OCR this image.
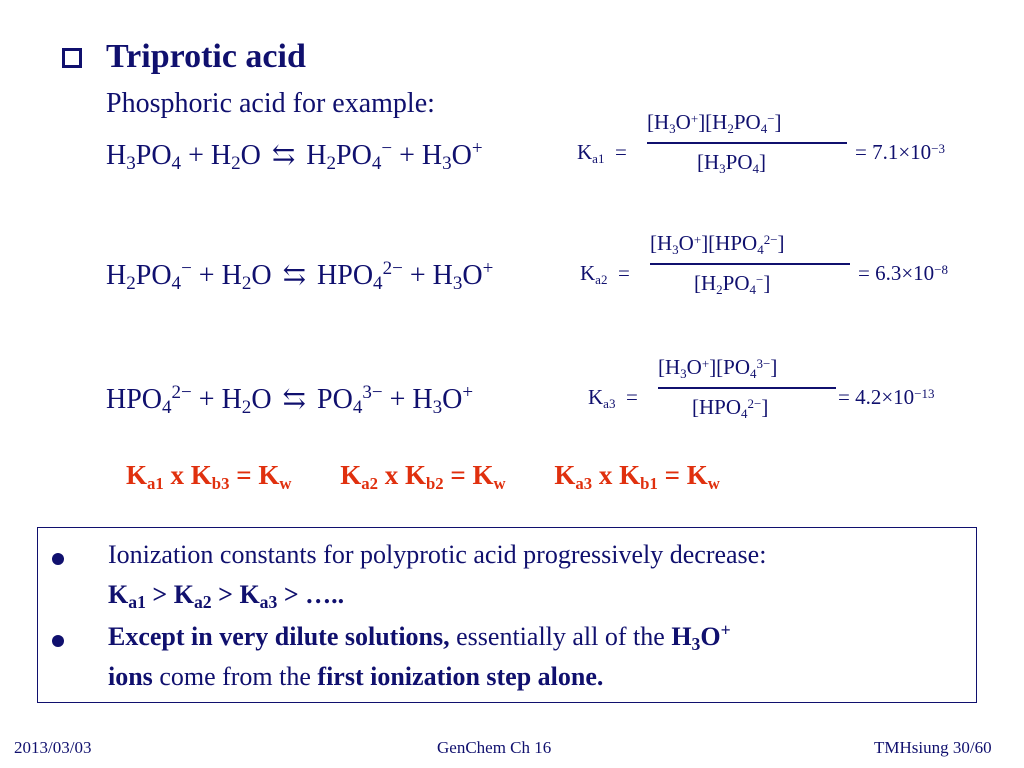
Triprotic acid
Phosphoric acid for example:
$H_3PO_4 + H_2O$ ⇆ $H_2PO_4^- + H_3O^+$
$H_2PO_4^- + H_2O$ ⇆ $HPO_4^{2-} + H_3O^+$
$HPO_4^{2-} + H_2O$ ⇆ $PO_4^{3-} + H_3O^+$
$K_{a1}$  =
$[H_3O^+][H_2PO_4^-]$
$[H_3PO_4]$	= $7.1\times 10^{-3}$
$K_{a2}$  =
$[H_3O^+][HPO_4^{2-}]$
$[H_2PO_4^-]$	= $6.3\times 10^{-8}$
$K_{a3}$  =
$[H_3O^+][PO_4^{3-}]$
$[HPO_4^{2-}]$	= $4.2\times 10^{-13}$
$K_{a1}$ x $K_{b3} = K_w$ $K_{a2}$ x $K_{b2} = K_w$ $K_{a3}$ x $K_{b1} = K_w$
Ionization constants for polyprotic acid progressively decrease:
$K_{a1} > K_{a2} > K_{a3}$ > …..
Except in very dilute solutions, essentially all of the $H_3O^+$
ions come from the first ionization step alone.
2013/03/03	GenChem Ch 16	TMHsiung 30/60
